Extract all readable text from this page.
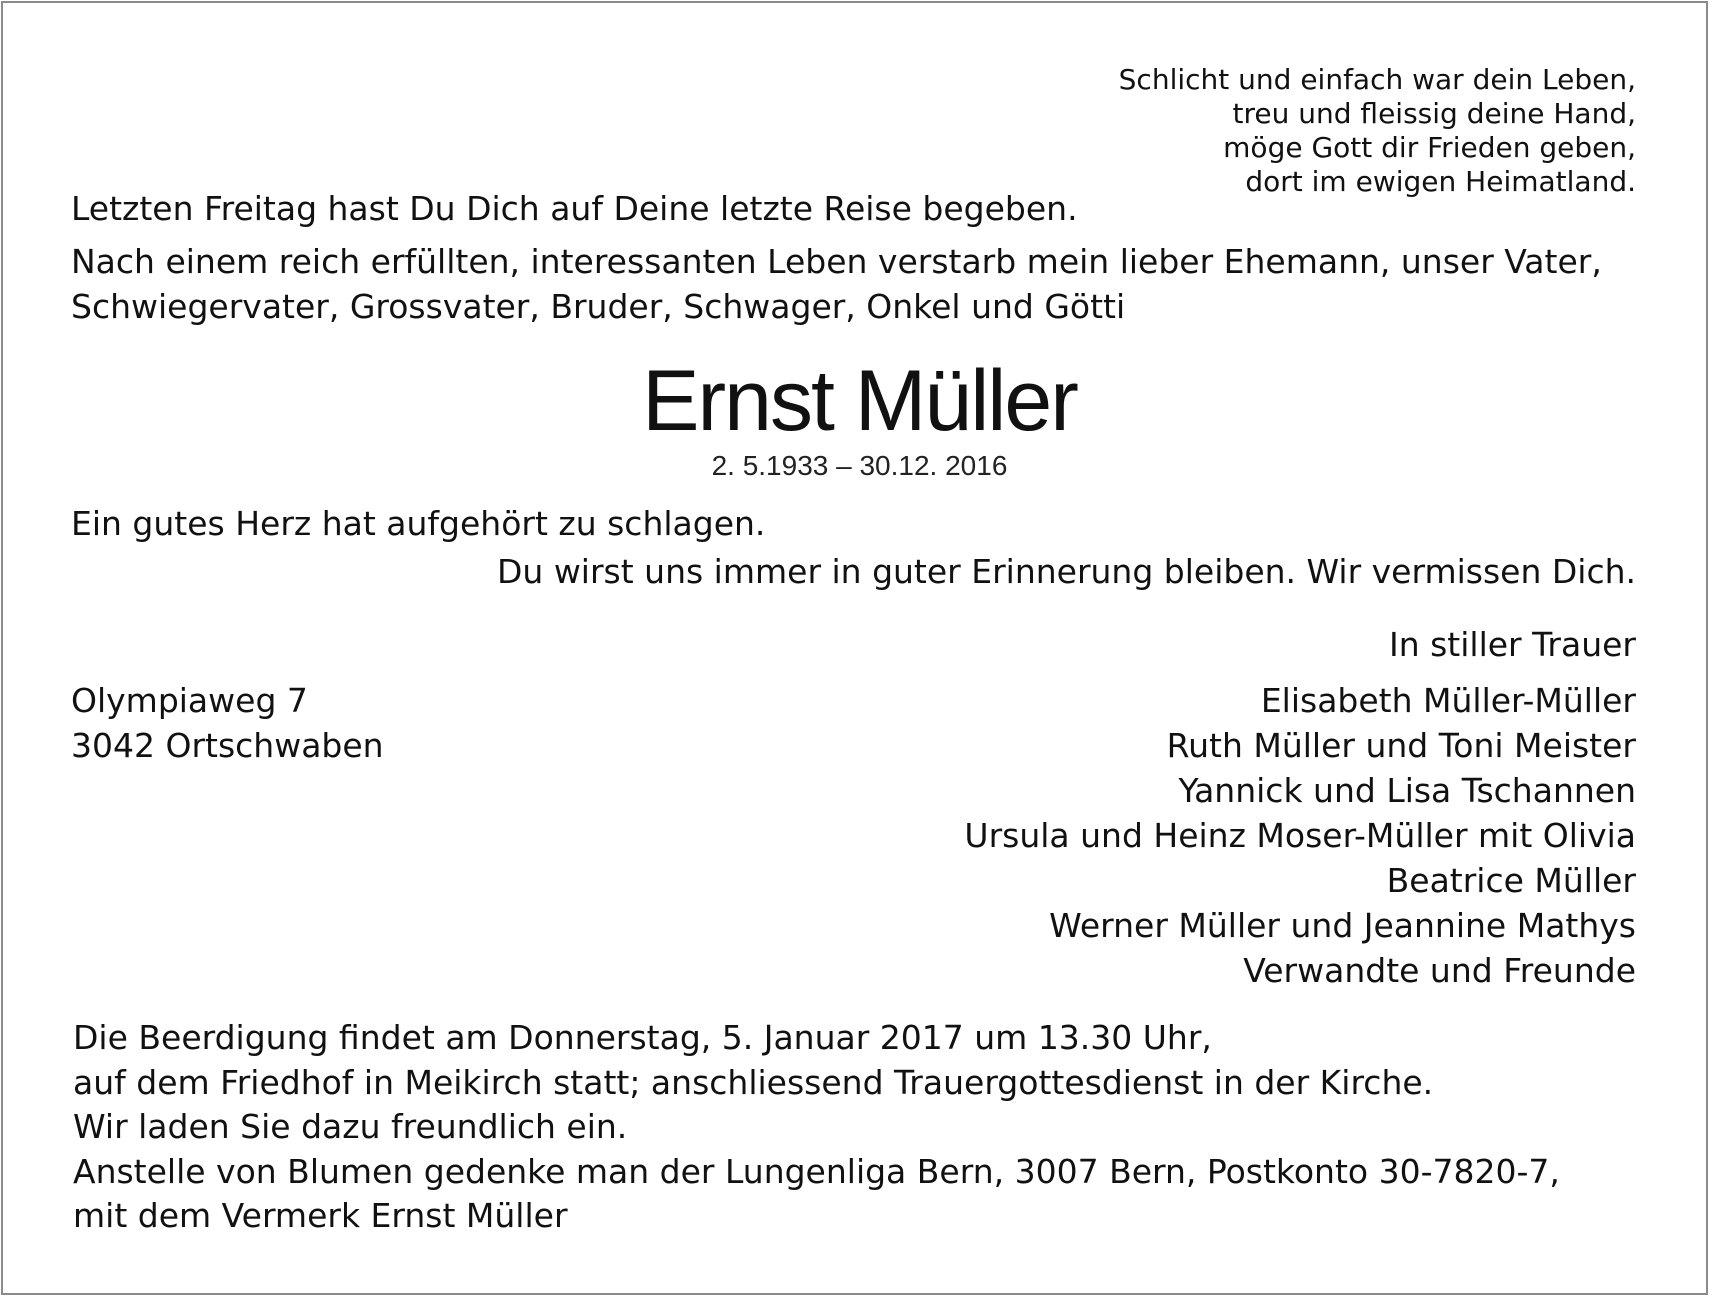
Schlicht und einfach war dein Leben,
treu und fleissig deine Hand,
möge Gott dir Frieden geben,
dort im ewigen Heimatland.
Letzten Freitag hast Du Dich auf Deine letzte Reise begeben.
Nach einem reich erfüllten, interessanten Leben verstarb mein lieber Ehemann, unser Vater,
Schwiegervater, Grossvater, Bruder, Schwager, Onkel und Götti
Ernst Müller
2. 5.1933 – 30.12. 2016
Ein gutes Herz hat aufgehört zu schlagen.
Du wirst uns immer in guter Erinnerung bleiben. Wir vermissen Dich.
In stiller Trauer
Olympiaweg 7
3042 Ortschwaben
Elisabeth Müller-Müller
Ruth Müller und Toni Meister
Yannick und Lisa Tschannen
Ursula und Heinz Moser-Müller mit Olivia
Beatrice Müller
Werner Müller und Jeannine Mathys
Verwandte und Freunde
Die Beerdigung findet am Donnerstag, 5. Januar 2017 um 13.30 Uhr,
auf dem Friedhof in Meikirch statt; anschliessend Trauergottesdienst in der Kirche.
Wir laden Sie dazu freundlich ein.
Anstelle von Blumen gedenke man der Lungenliga Bern, 3007 Bern, Postkonto 30-7820-7,
mit dem Vermerk Ernst Müller
